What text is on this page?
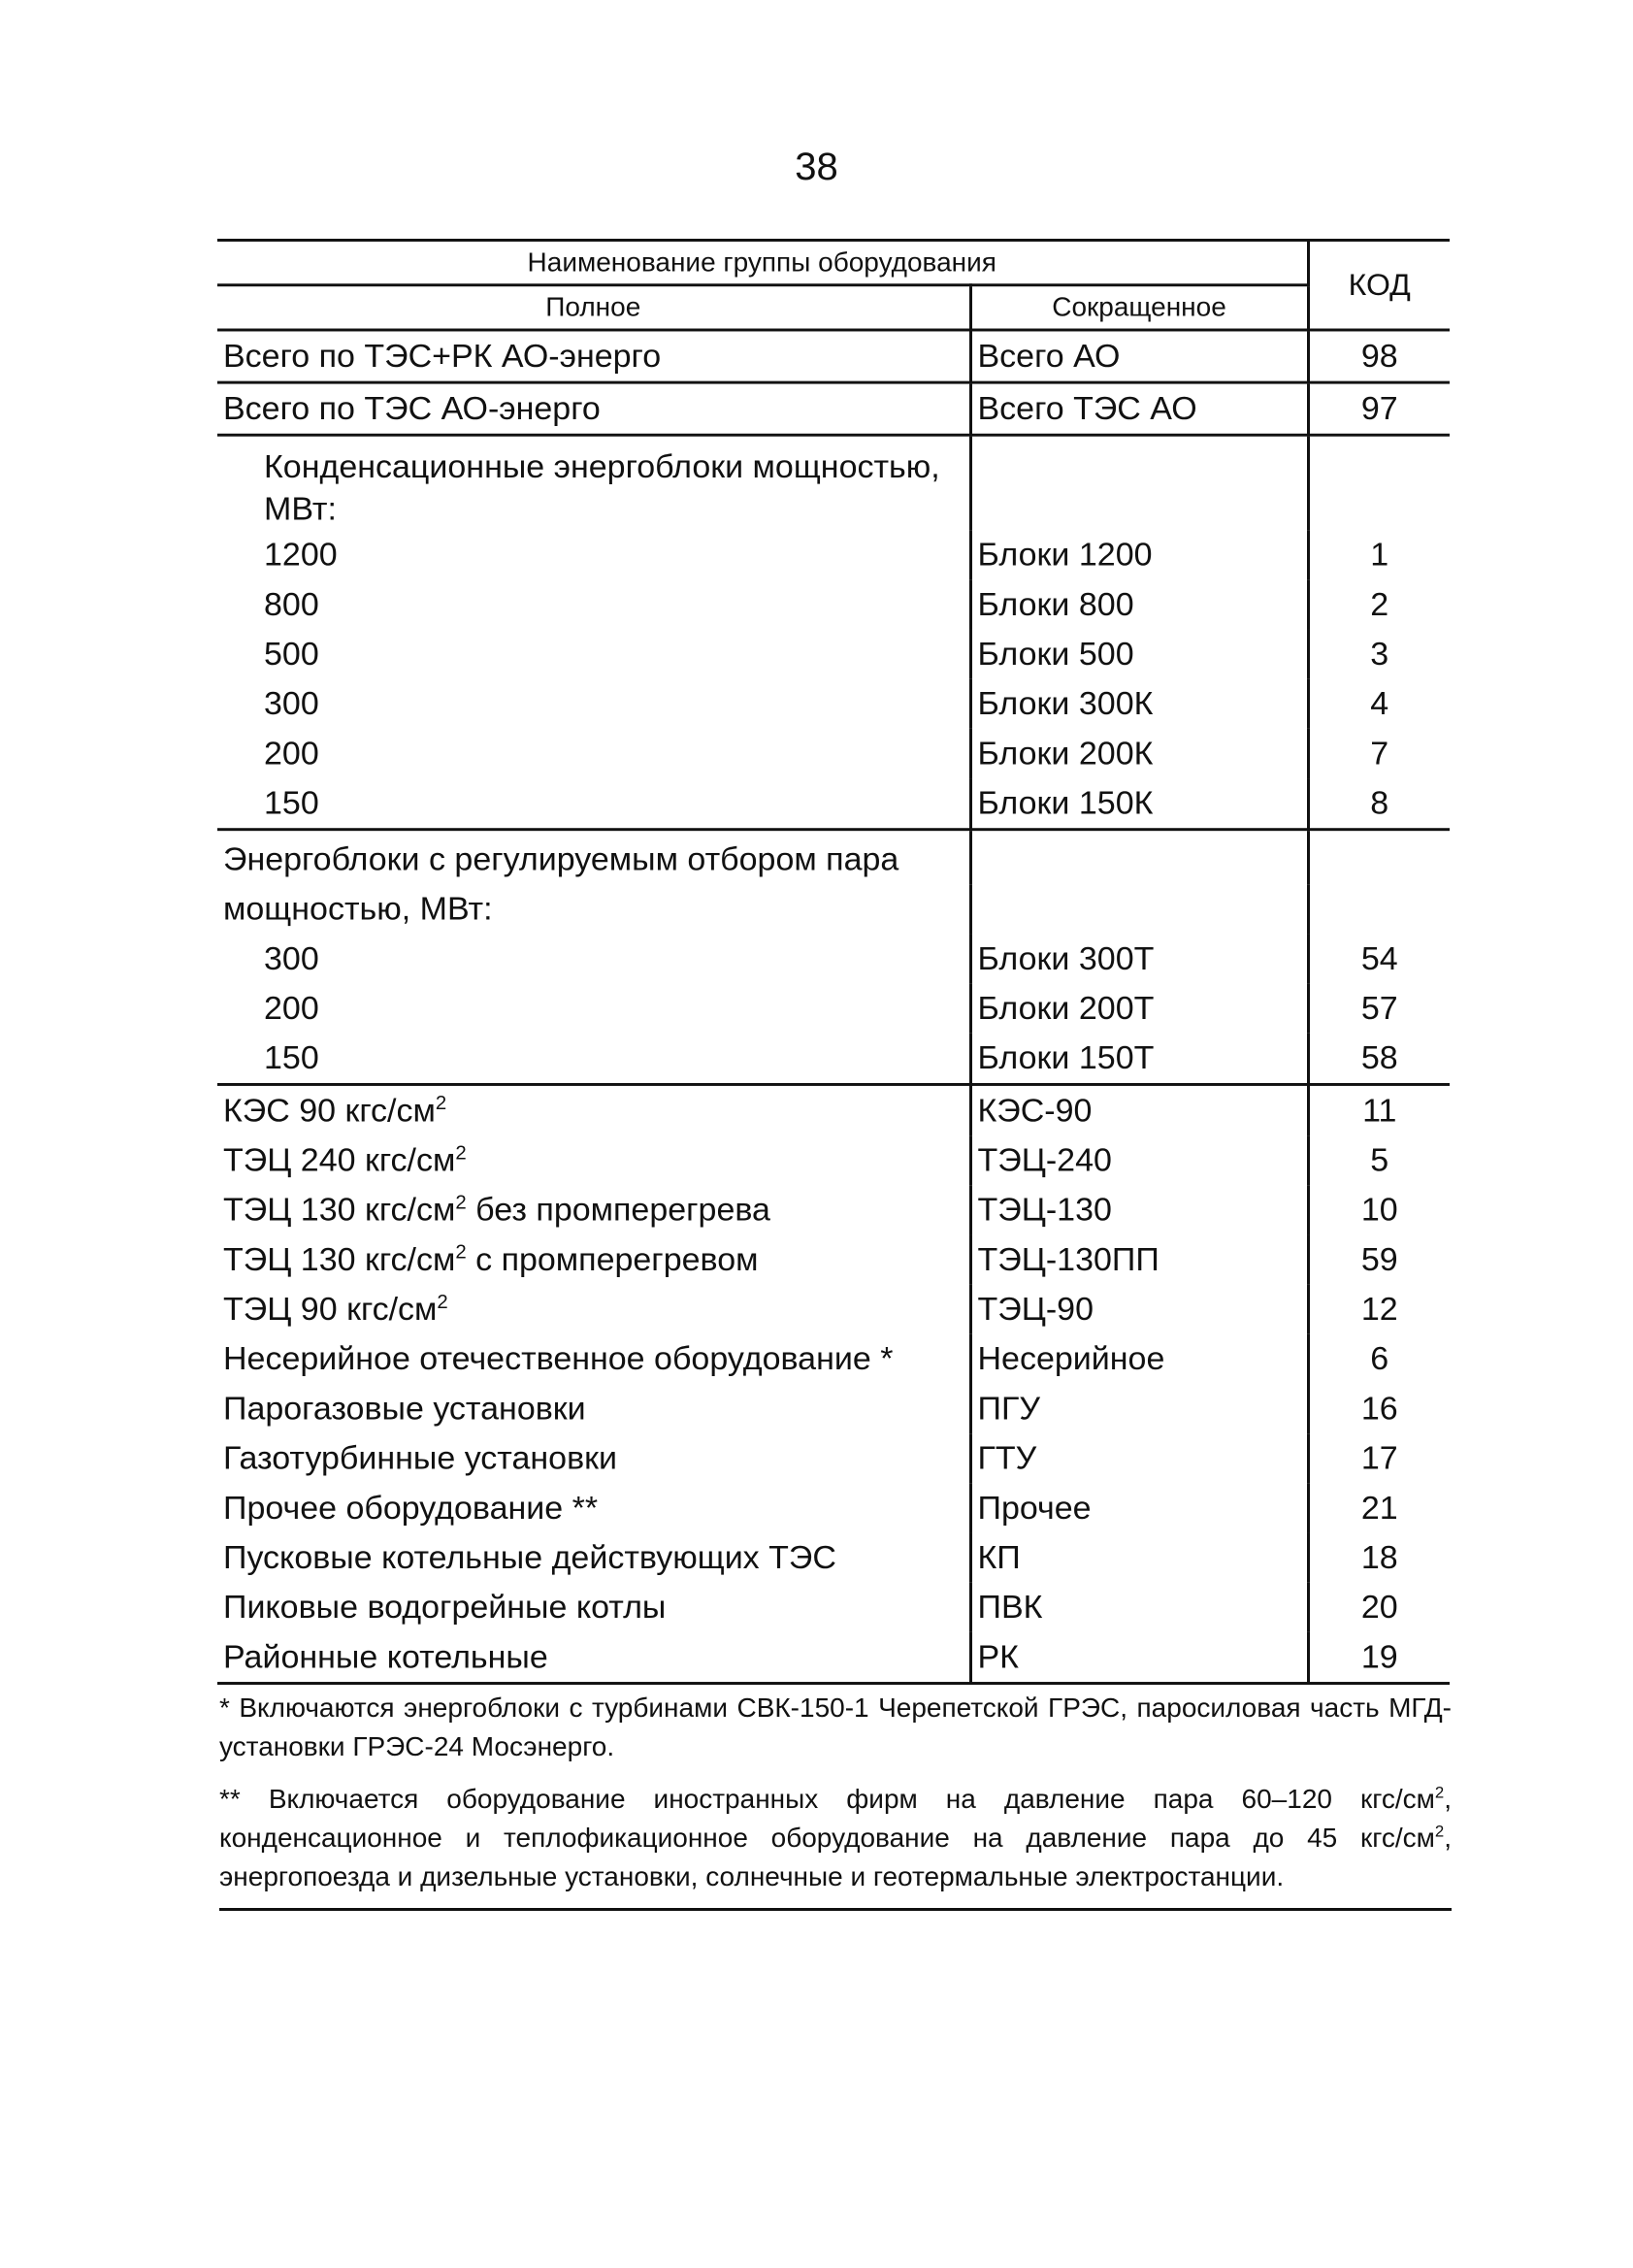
38
Наименование группы оборудования		КОД
Полное	Сокращенное	
Всего по ТЭС+РК АО-энерго	Всего АО	98
Всего по ТЭС АО-энерго	Всего ТЭС АО	97
Конденсационные энергоблоки мощностью, МВт:		
1200	Блоки 1200	1
800	Блоки 800	2
500	Блоки 500	3
300	Блоки 300К	4
200	Блоки 200К	7
150	Блоки 150К	8
Энергоблоки с регулируемым отбором пара		
мощностью, МВт:		
300	Блоки 300Т	54
200	Блоки 200Т	57
150	Блоки 150Т	58
КЭС 90 кгс/$см^2$	КЭС-90	11
ТЭЦ 240 кгс/$см^2$	ТЭЦ-240	5
ТЭЦ 130 кгс/$см^2$ без промперегрева	ТЭЦ-130	10
ТЭЦ 130 кгс/$см^2$ с промперегревом	ТЭЦ-130ПП	59
ТЭЦ 90 кгс/$см^2$	ТЭЦ-90	12
Несерийное отечественное оборудование *	Несерийное	6
Парогазовые установки	ПГУ	16
Газотурбинные установки	ГТУ	17
Прочее оборудование **	Прочее	21
Пусковые котельные действующих ТЭС	КП	18
Пиковые водогрейные котлы	ПВК	20
Районные котельные	РК	19

* Включаются энергоблоки с турбинами СВК-150-1 Черепетской ГРЭС, паросиловая часть МГД-установки ГРЭС-24 Мосэнерго.

** Включается оборудование иностранных фирм на давление пара 60–120 кгс/$см^2$, конденсационное и теплофикационное оборудование на давление пара до 45 кгс/$см^2$, энергопоезда и дизельные установки, солнечные и геотермальные электростанции.
